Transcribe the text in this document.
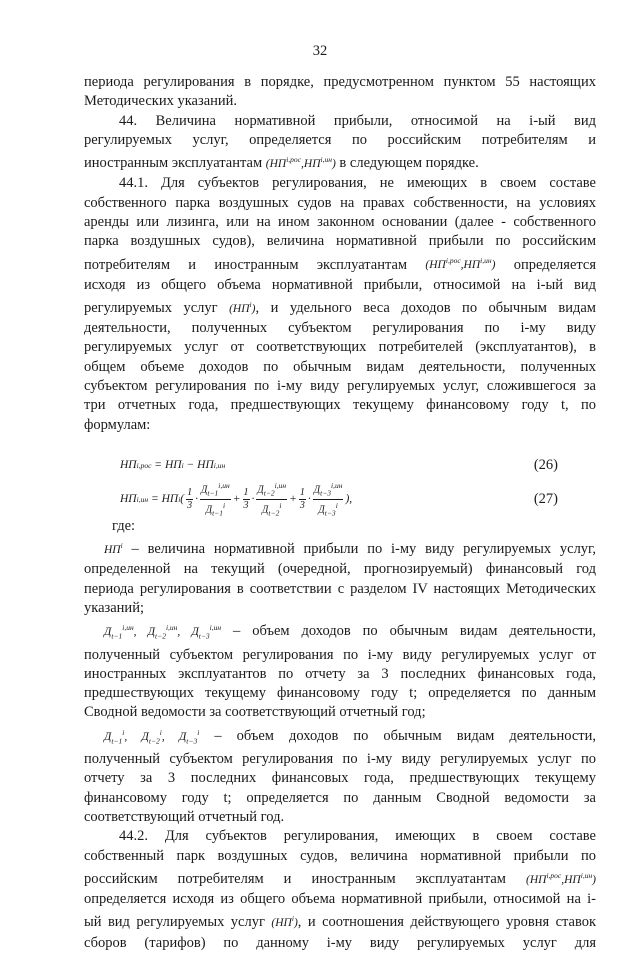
32
периода регулирования в порядке, предусмотренном пунктом 55 настоящих
Методических указаний.
44. Величина нормативной прибыли, относимой на i-ый вид
регулируемых услуг, определяется по российским потребителям и
иностранным эксплуатантам $(НП^{i,рос},НП^{i,ин})$ в следующем порядке.
44.1. Для субъектов регулирования, не имеющих в своем составе
собственного парка воздушных судов на правах собственности, на условиях
аренды или лизинга, или на ином законном основании (далее - собственного
парка воздушных судов), величина нормативной прибыли по российским
потребителям и иностранным эксплуатантам $(НП^{i,рос},НП^{i,ин})$ определяется
исходя из общего объема нормативной прибыли, относимой на i-ый вид
регулируемых услуг $(НП^i)$, и удельного веса доходов по обычным видам
деятельности, полученных субъектом регулирования по i-му виду
регулируемых услуг от соответствующих потребителей (эксплуатантов), в
общем объеме доходов по обычным видам деятельности, полученных
субъектом регулирования по i-му виду регулируемых услуг, сложившегося за
три отчетных года, предшествующих текущему финансовому году t, по
формулам:
НП i,рос
=
НП i
−
НП i,ин	(26)
НП i,ин
=
НП i ( $\frac{1}{3} \cdot \frac{Д_{t-1}^{i,ин}}{Д_{t-1}^i} + \frac{1}{3} \cdot \frac{Д_{t-2}^{i,ин}}{Д_{t-2}^i} + \frac{1}{3} \cdot \frac{Д_{t-3}^{i,ин}}{Д_{t-3}^i}$ ),	(27)
где:
$НП^i$ – величина нормативной прибыли по i-му виду регулируемых услуг,
определенной на текущий (очередной, прогнозируемый) финансовый год
периода регулирования в соответствии с разделом IV настоящих Методических
указаний;
$Д_{t-1}^{i,ин}$, $Д_{t-2}^{i,ин}$, $Д_{t-3}^{i,ин}$ – объем доходов по обычным видам деятельности,
полученный субъектом регулирования по i-му виду регулируемых услуг от
иностранных эксплуатантов по отчету за 3 последних финансовых года,
предшествующих текущему финансовому году t; определяется по данным
Сводной ведомости за соответствующий отчетный год;
$Д_{t-1}^i$, $Д_{t-2}^i$, $Д_{t-3}^i$ – объем доходов по обычным видам деятельности,
полученный субъектом регулирования по i-му виду регулируемых услуг по
отчету за 3 последних финансовых года, предшествующих текущему
финансовому году t; определяется по данным Сводной ведомости за
соответствующий отчетный год.
44.2. Для субъектов регулирования, имеющих в своем составе
собственный парк воздушных судов, величина нормативной прибыли по
российским потребителям и иностранным эксплуатантам $(НП^{i,рос},НП^{i,ин})$
определяется исходя из общего объема нормативной прибыли, относимой на i-
ый вид регулируемых услуг $(НП^i)$, и соотношения действующего уровня ставок
сборов (тарифов) по данному i-му виду регулируемых услуг для
